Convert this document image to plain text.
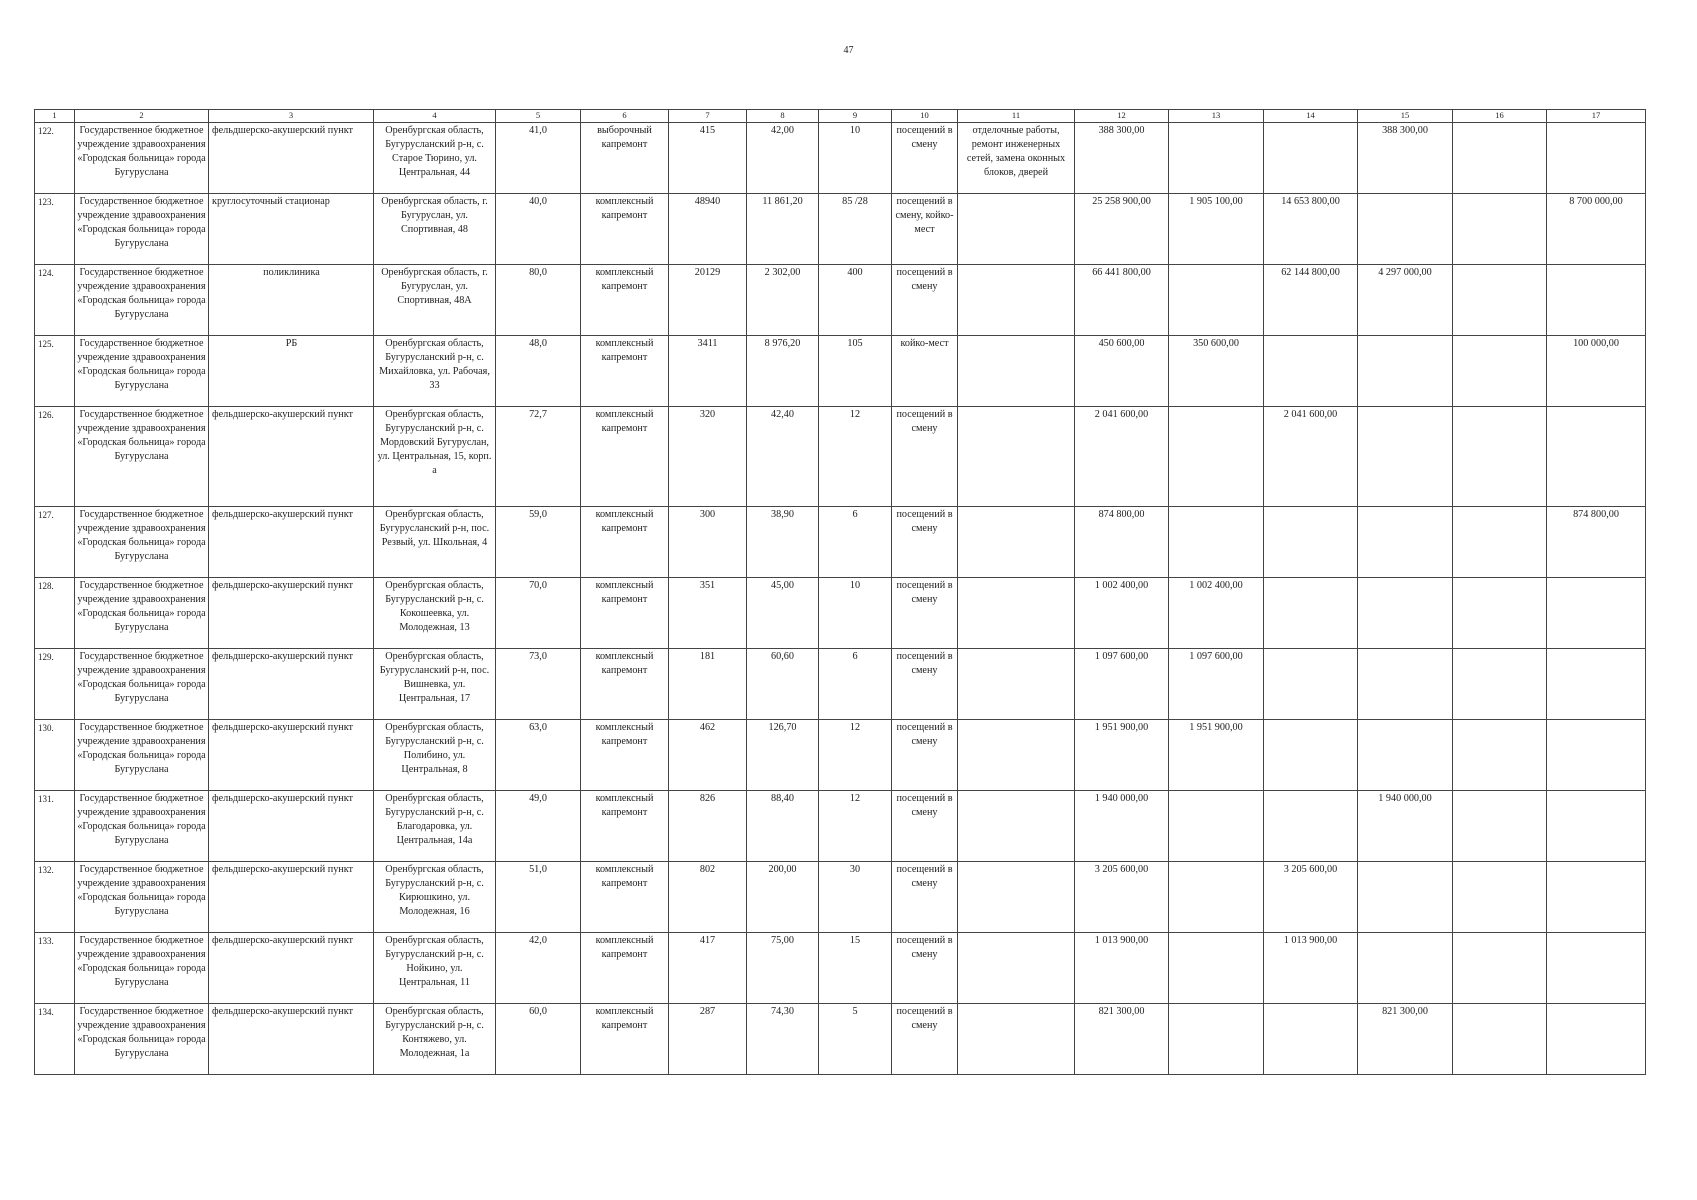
47
1	2	3	4	5	6	7	8	9	10	11	12	13	14	15	16	17
122.	Государственное бюджетное учреждение здравоохранения «Городская больница» города Бугуруслана	фельдшерско-акушерский пункт	Оренбургская область, Бугурусланский р-н, с. Старое Тюрино, ул. Центральная, 44	41,0	выборочный капремонт	415	42,00	10	посещений в смену	отделочные работы, ремонт инженерных сетей, замена оконных блоков, дверей	388 300,00			388 300,00		
123.	Государственное бюджетное учреждение здравоохранения «Городская больница» города Бугуруслана	круглосуточный стационар	Оренбургская область, г. Бугуруслан, ул. Спортивная, 48	40,0	комплексный капремонт	48940	11 861,20	85 /28	посещений в смену, койко-мест		25 258 900,00	1 905 100,00	14 653 800,00			8 700 000,00
124.	Государственное бюджетное учреждение здравоохранения «Городская больница» города Бугуруслана	поликлиника	Оренбургская область, г. Бугуруслан, ул. Спортивная, 48А	80,0	комплексный капремонт	20129	2 302,00	400	посещений в смену		66 441 800,00		62 144 800,00	4 297 000,00		
125.	Государственное бюджетное учреждение здравоохранения «Городская больница» города Бугуруслана	РБ	Оренбургская область, Бугурусланский р-н, с. Михайловка, ул. Рабочая, 33	48,0	комплексный капремонт	3411	8 976,20	105	койко-мест		450 600,00	350 600,00				100 000,00
126.	Государственное бюджетное учреждение здравоохранения «Городская больница» города Бугуруслана	фельдшерско-акушерский пункт	Оренбургская область, Бугурусланский р-н, с. Мордовский Бугуруслан, ул. Центральная, 15, корп. а	72,7	комплексный капремонт	320	42,40	12	посещений в смену		2 041 600,00		2 041 600,00			
127.	Государственное бюджетное учреждение здравоохранения «Городская больница» города Бугуруслана	фельдшерско-акушерский пункт	Оренбургская область, Бугурусланский р-н, пос. Резвый, ул. Школьная, 4	59,0	комплексный капремонт	300	38,90	6	посещений в смену		874 800,00					874 800,00
128.	Государственное бюджетное учреждение здравоохранения «Городская больница» города Бугуруслана	фельдшерско-акушерский пункт	Оренбургская область, Бугурусланский р-н, с. Кокошеевка, ул. Молодежная, 13	70,0	комплексный капремонт	351	45,00	10	посещений в смену		1 002 400,00	1 002 400,00				
129.	Государственное бюджетное учреждение здравоохранения «Городская больница» города Бугуруслана	фельдшерско-акушерский пункт	Оренбургская область, Бугурусланский р-н, пос. Вишневка, ул. Центральная, 17	73,0	комплексный капремонт	181	60,60	6	посещений в смену		1 097 600,00	1 097 600,00				
130.	Государственное бюджетное учреждение здравоохранения «Городская больница» города Бугуруслана	фельдшерско-акушерский пункт	Оренбургская область, Бугурусланский р-н, с. Полибино, ул. Центральная, 8	63,0	комплексный капремонт	462	126,70	12	посещений в смену		1 951 900,00	1 951 900,00				
131.	Государственное бюджетное учреждение здравоохранения «Городская больница» города Бугуруслана	фельдшерско-акушерский пункт	Оренбургская область, Бугурусланский р-н, с. Благодаровка, ул. Центральная, 14а	49,0	комплексный капремонт	826	88,40	12	посещений в смену		1 940 000,00			1 940 000,00		
132.	Государственное бюджетное учреждение здравоохранения «Городская больница» города Бугуруслана	фельдшерско-акушерский пункт	Оренбургская область, Бугурусланский р-н, с. Кирюшкино, ул. Молодежная, 16	51,0	комплексный капремонт	802	200,00	30	посещений в смену		3 205 600,00		3 205 600,00			
133.	Государственное бюджетное учреждение здравоохранения «Городская больница» города Бугуруслана	фельдшерско-акушерский пункт	Оренбургская область, Бугурусланский р-н, с. Нойкино, ул. Центральная, 11	42,0	комплексный капремонт	417	75,00	15	посещений в смену		1 013 900,00		1 013 900,00			
134.	Государственное бюджетное учреждение здравоохранения «Городская больница» города Бугуруслана	фельдшерско-акушерский пункт	Оренбургская область, Бугурусланский р-н, с. Контяжево, ул. Молодежная, 1а	60,0	комплексный капремонт	287	74,30	5	посещений в смену		821 300,00			821 300,00		
